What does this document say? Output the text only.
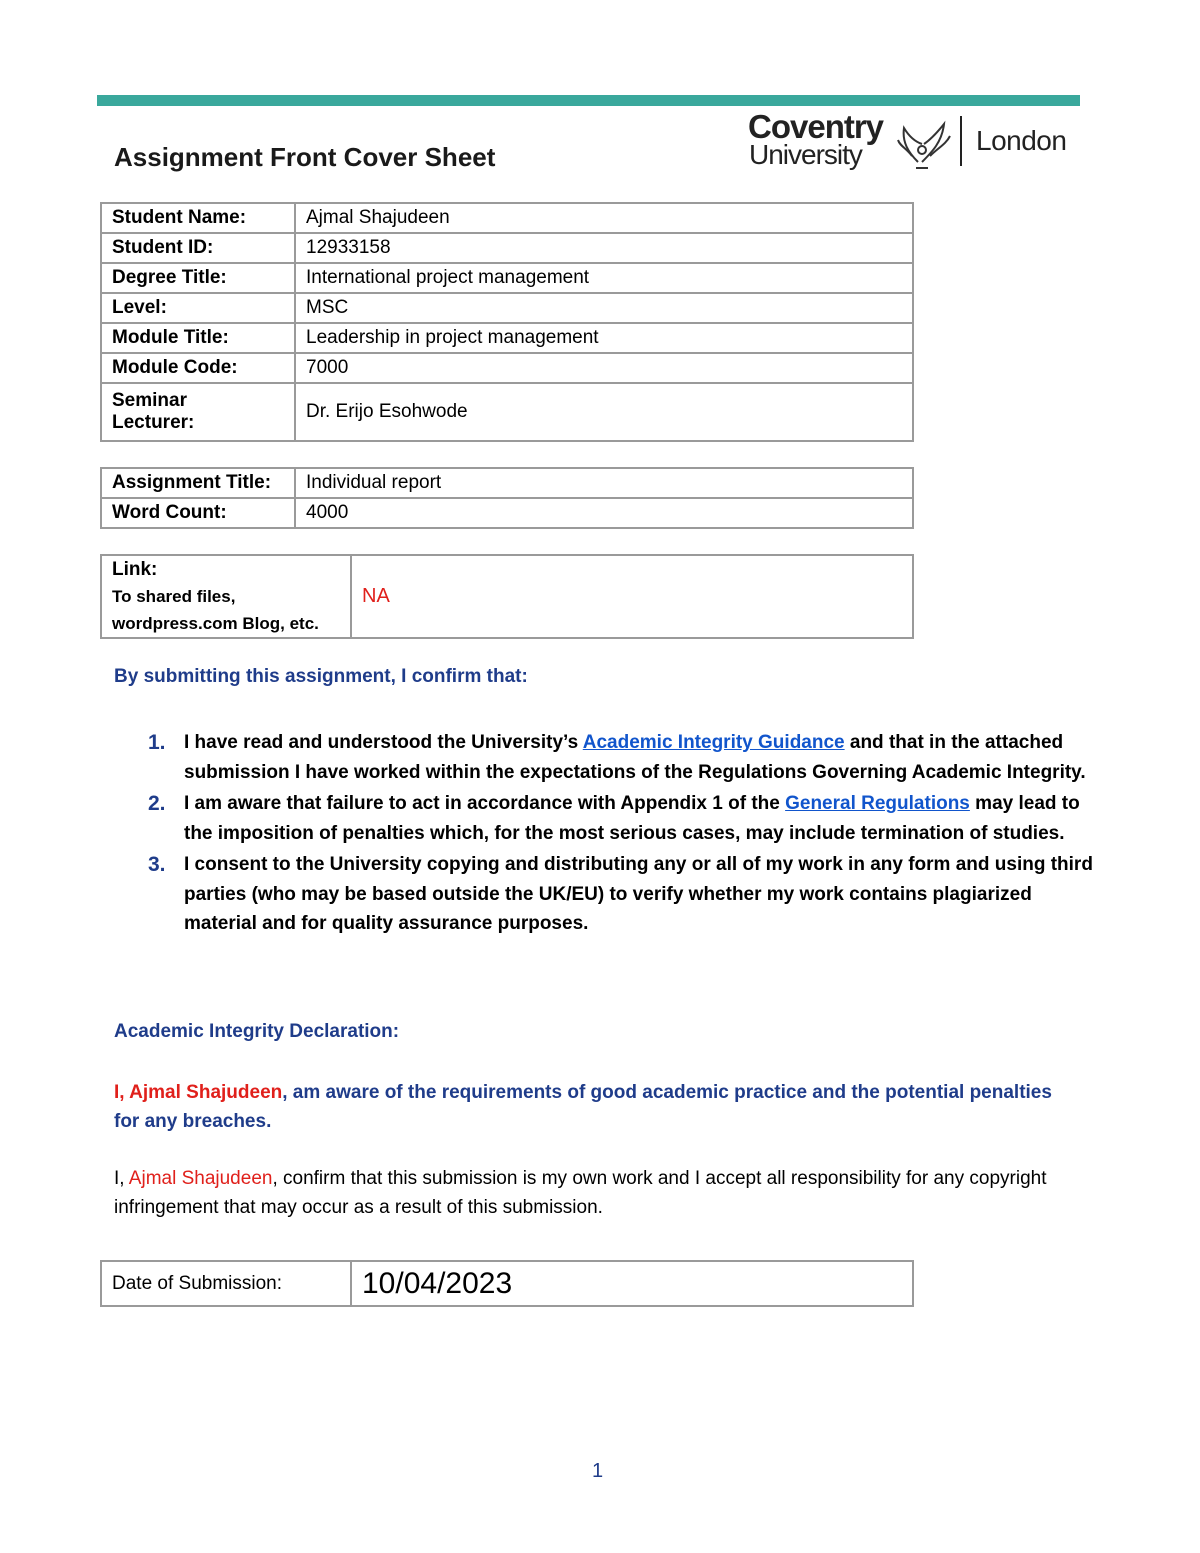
Assignment Front Cover Sheet
Coventry
University	London
Student Name:	Ajmal Shajudeen
Student ID:	12933158
Degree Title:	International project management
Level:	MSC
Module Title:	Leadership in project management
Module Code:	7000
Seminar
Lecturer:	Dr. Erijo Esohwode
Assignment Title:	Individual report
Word Count:	4000
Link:
To shared files,
wordpress.com Blog, etc.	NA
By submitting this assignment, I confirm that:
1. I have read and understood the University’s Academic Integrity Guidance and that in the attached submission I have worked within the expectations of the Regulations Governing Academic Integrity.
2. I am aware that failure to act in accordance with Appendix 1 of the General Regulations may lead to the imposition of penalties which, for the most serious cases, may include termination of studies.
3. I consent to the University copying and distributing any or all of my work in any form and using third parties (who may be based outside the UK/EU) to verify whether my work contains plagiarized material and for quality assurance purposes.
Academic Integrity Declaration:
I, Ajmal Shajudeen, am aware of the requirements of good academic practice and the potential penalties for any breaches.
I, Ajmal Shajudeen, confirm that this submission is my own work and I accept all responsibility for any copyright infringement that may occur as a result of this submission.
Date of Submission:	10/04/2023
1
